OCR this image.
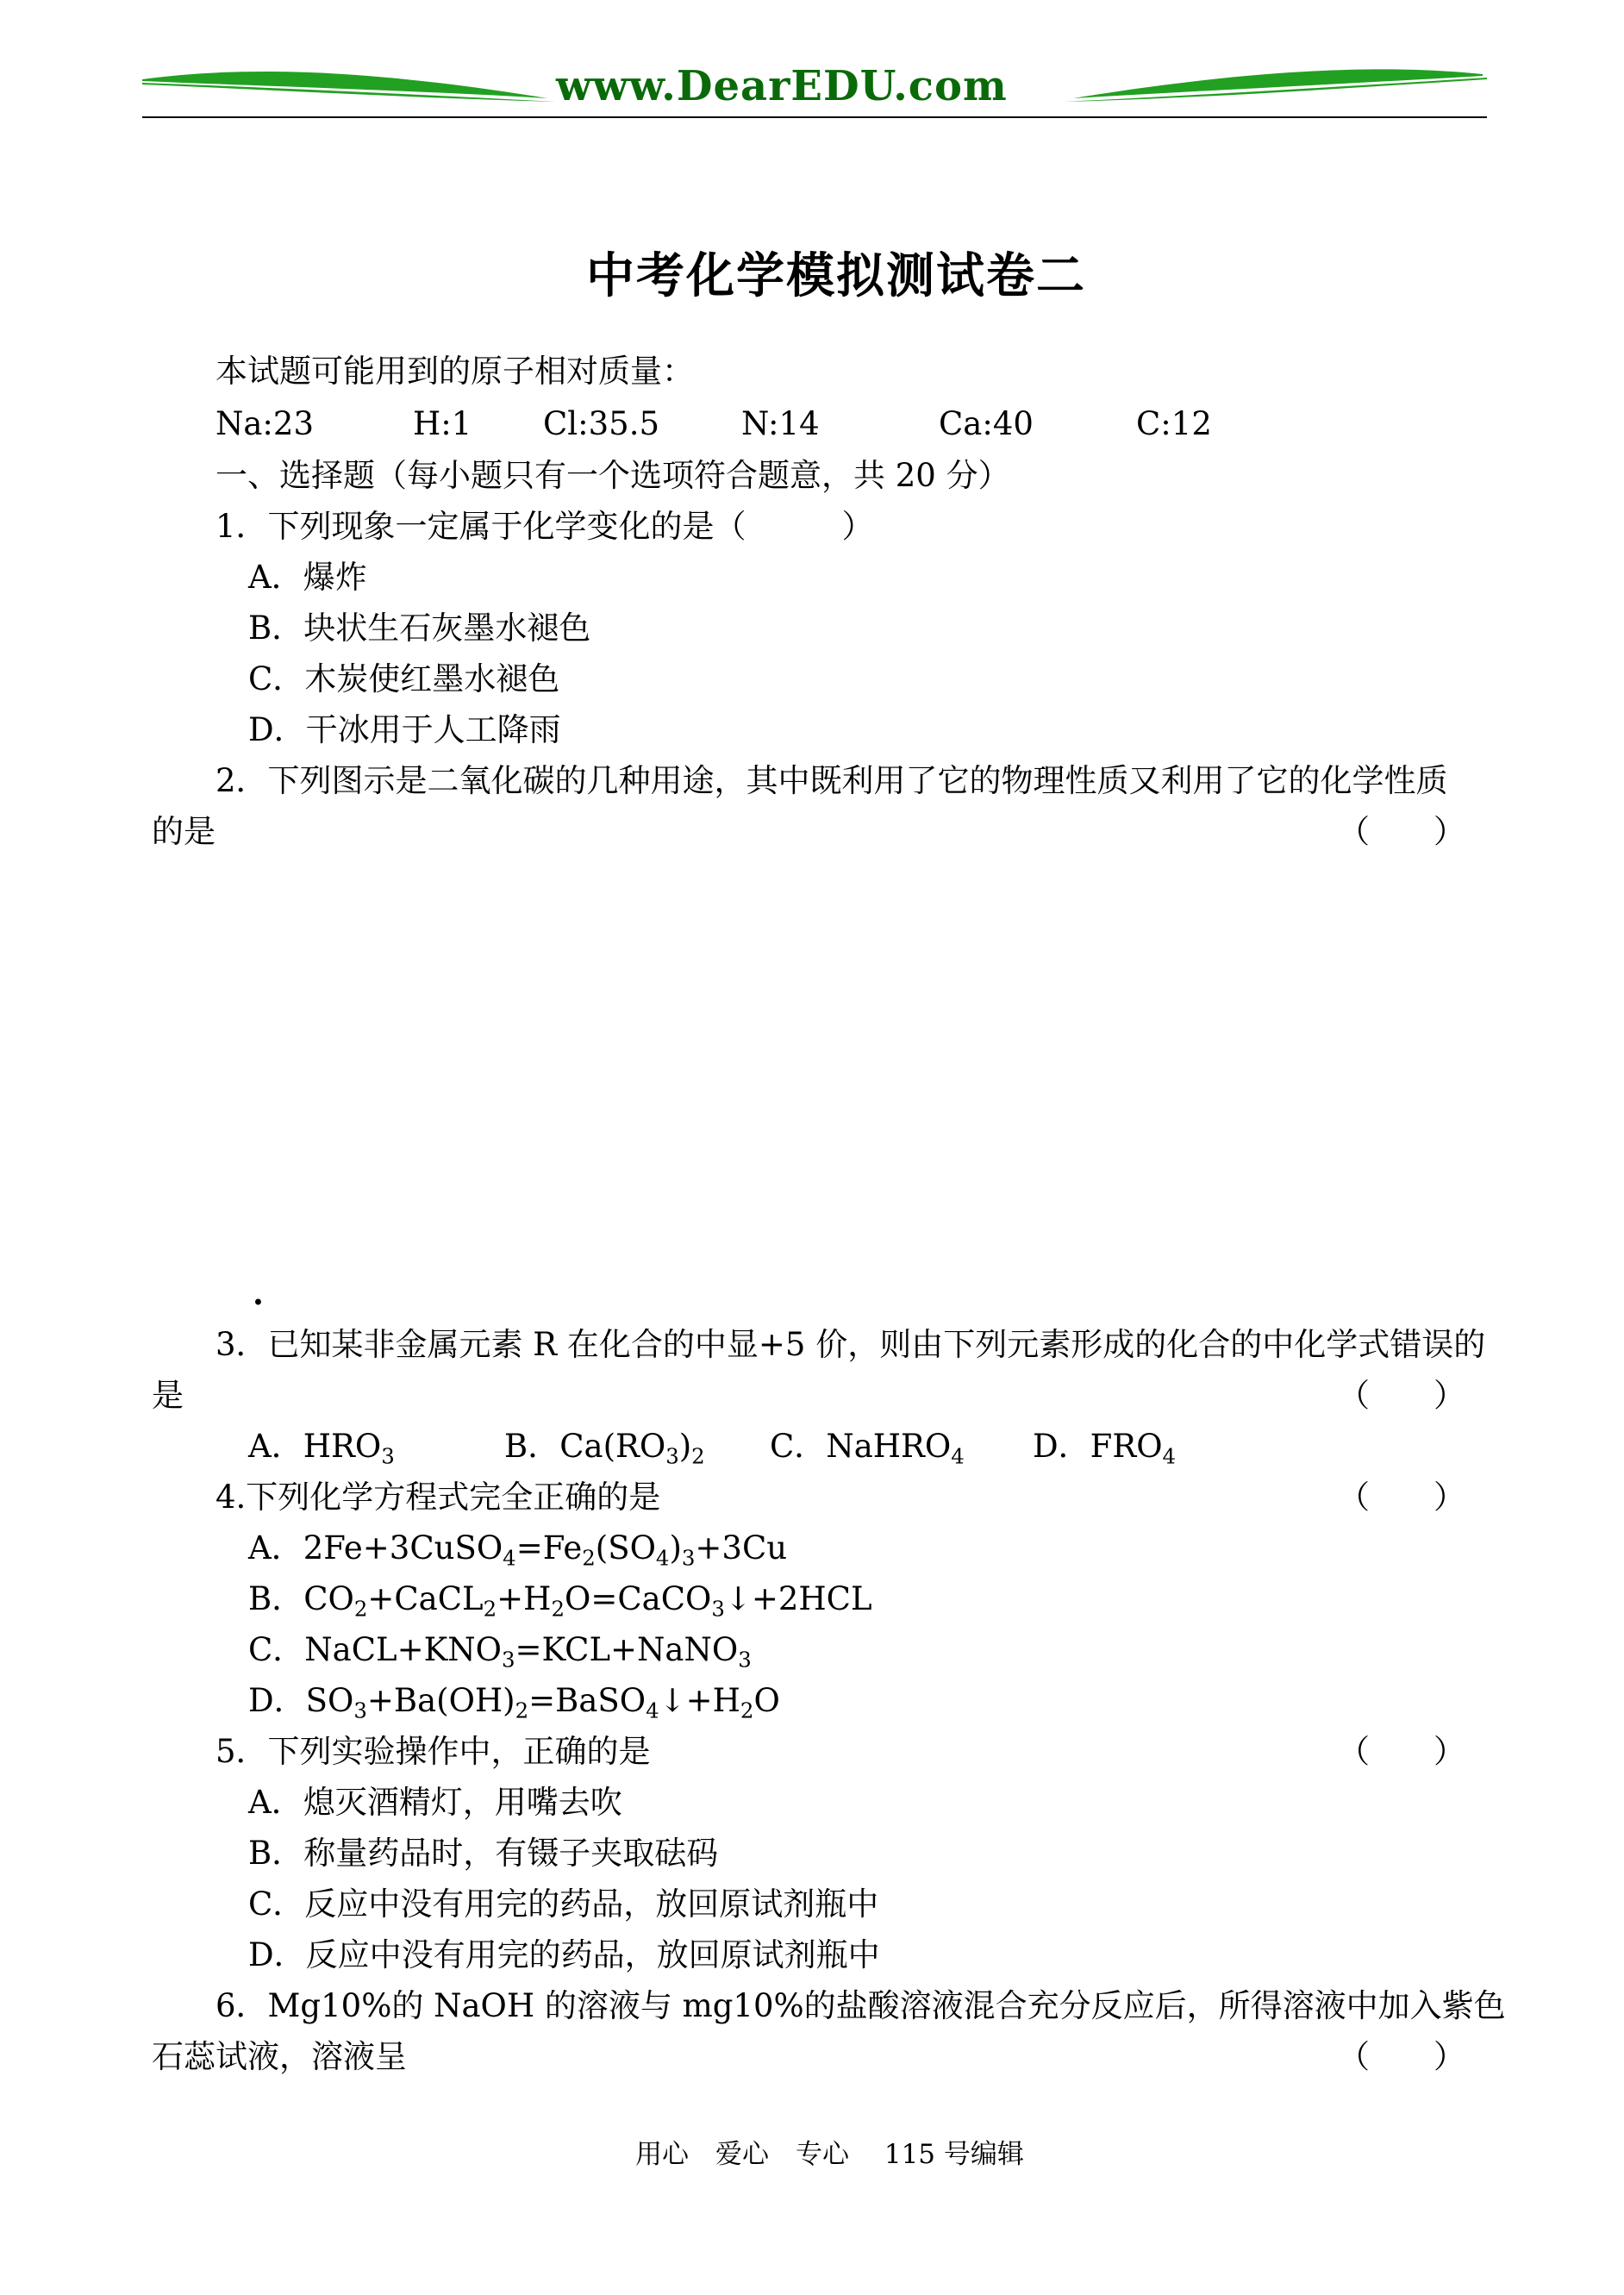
www.DearEDU.com
中考化学模拟测试卷二
本试题可能用到的原子相对质量：
Na:23	H:1 Cl:35.5	N:14	Ca:40	C:12
一、选择题（每小题只有一个选项符合题意，共 20 分）
1．下列现象一定属于化学变化的是（　　　）
A．爆炸
B．块状生石灰墨水褪色
C．木炭使红墨水褪色
D．干冰用于人工降雨
2．下列图示是二氧化碳的几种用途，其中既利用了它的物理性质又利用了它的化学性质
的是	（　　）
.
3．已知某非金属元素 R 在化合的中显+5 价，则由下列元素形成的化合的中化学式错误的
是	（　　）
A．$HRO_3$	B．$Ca(RO_3)_2$ C．NaHRO$_4$ D．$FRO_4$
4.下列化学方程式完全正确的是	（　　）
A．$2Fe+3CuSO_4=Fe_2(SO_4)_3+3Cu$
B．$CO_2+CaCL_2+H_2O=CaCO_3↓+2HCL$
C．$NaCL+KNO_3=KCL+NaNO_3$
D．$SO_3+Ba(OH)_2=BaSO_4↓+H_2O$
5．下列实验操作中，正确的是	（　　）
A．熄灭酒精灯，用嘴去吹
B．称量药品时，有镊子夹取砝码
C．反应中没有用完的药品，放回原试剂瓶中
D．反应中没有用完的药品，放回原试剂瓶中
6．Mg10%的 NaOH 的溶液与 mg10%的盐酸溶液混合充分反应后，所得溶液中加入紫色
石蕊试液，溶液呈	（　　）
用心　爱心　专心　 115 号编辑
